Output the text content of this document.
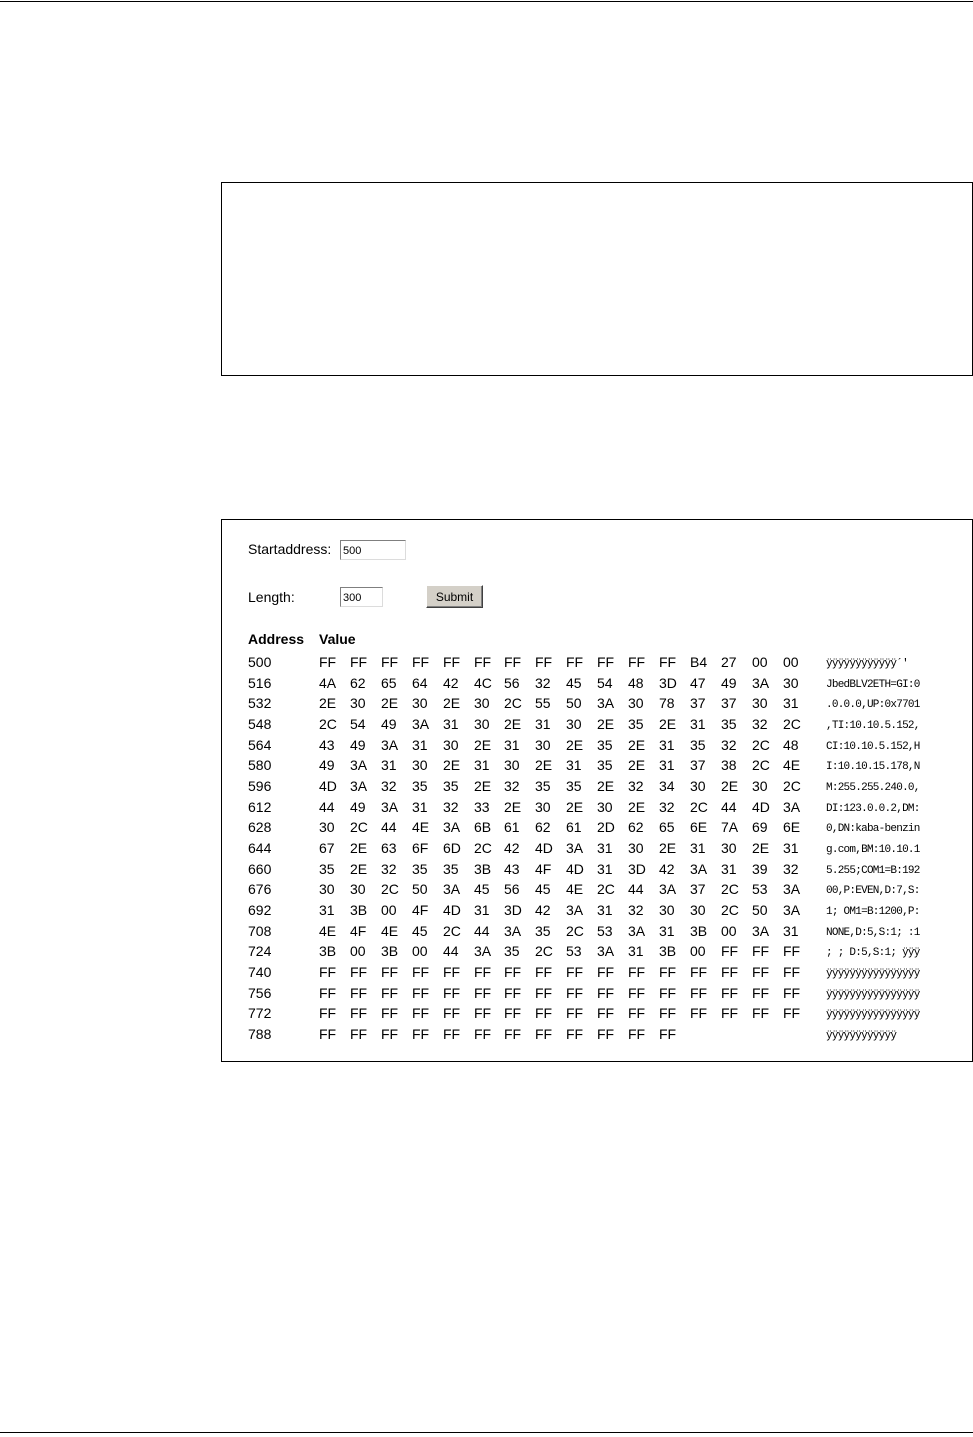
Startaddress:
500
Length:
300	Submit
Address Value
500	FF FF FF FF FF FF FF FF FF FF FF FF B4 27 00 00 ÿÿÿÿÿÿÿÿÿÿÿÿ´'
516	4A 62 65 64 42 4C 56 32 45 54 48 3D 47 49 3A 30 JbedBLV2ETH=GI:0
532	2E 30 2E 30 2E 30 2C 55 50 3A 30 78 37 37 30 31 .0.0.0,UP:0x7701
548	2C 54 49 3A 31 30 2E 31 30 2E 35 2E 31 35 32 2C ,TI:10.10.5.152,
564	43 49 3A 31 30 2E 31 30 2E 35 2E 31 35 32 2C 48 CI:10.10.5.152,H
580	49 3A 31 30 2E 31 30 2E 31 35 2E 31 37 38 2C 4E I:10.10.15.178,N
596	4D 3A 32 35 35 2E 32 35 35 2E 32 34 30 2E 30 2C M:255.255.240.0,
612	44 49 3A 31 32 33 2E 30 2E 30 2E 32 2C 44 4D 3A DI:123.0.0.2,DM:
628	30 2C 44 4E 3A 6B 61 62 61 2D 62 65 6E 7A 69 6E 0,DN:kaba-benzin
644	67 2E 63 6F 6D 2C 42 4D 3A 31 30 2E 31 30 2E 31 g.com,BM:10.10.1
660	35 2E 32 35 35 3B 43 4F 4D 31 3D 42 3A 31 39 32 5.255;COM1=B:192
676	30 30 2C 50 3A 45 56 45 4E 2C 44 3A 37 2C 53 3A 00,P:EVEN,D:7,S:
692	31 3B 00 4F 4D 31 3D 42 3A 31 32 30 30 2C 50 3A 1; OM1=B:1200,P:
708	4E 4F 4E 45 2C 44 3A 35 2C 53 3A 31 3B 00 3A 31 NONE,D:5,S:1; :1
724	3B 00 3B 00 44 3A 35 2C 53 3A 31 3B 00 FF FF FF ; ; D:5,S:1; ÿÿÿ
740	FF FF FF FF FF FF FF FF FF FF FF FF FF FF FF FF ÿÿÿÿÿÿÿÿÿÿÿÿÿÿÿÿ
756	FF FF FF FF FF FF FF FF FF FF FF FF FF FF FF FF ÿÿÿÿÿÿÿÿÿÿÿÿÿÿÿÿ
772	FF FF FF FF FF FF FF FF FF FF FF FF FF FF FF FF ÿÿÿÿÿÿÿÿÿÿÿÿÿÿÿÿ
788	FF FF FF FF FF FF FF FF FF FF FF FF	ÿÿÿÿÿÿÿÿÿÿÿÿ
